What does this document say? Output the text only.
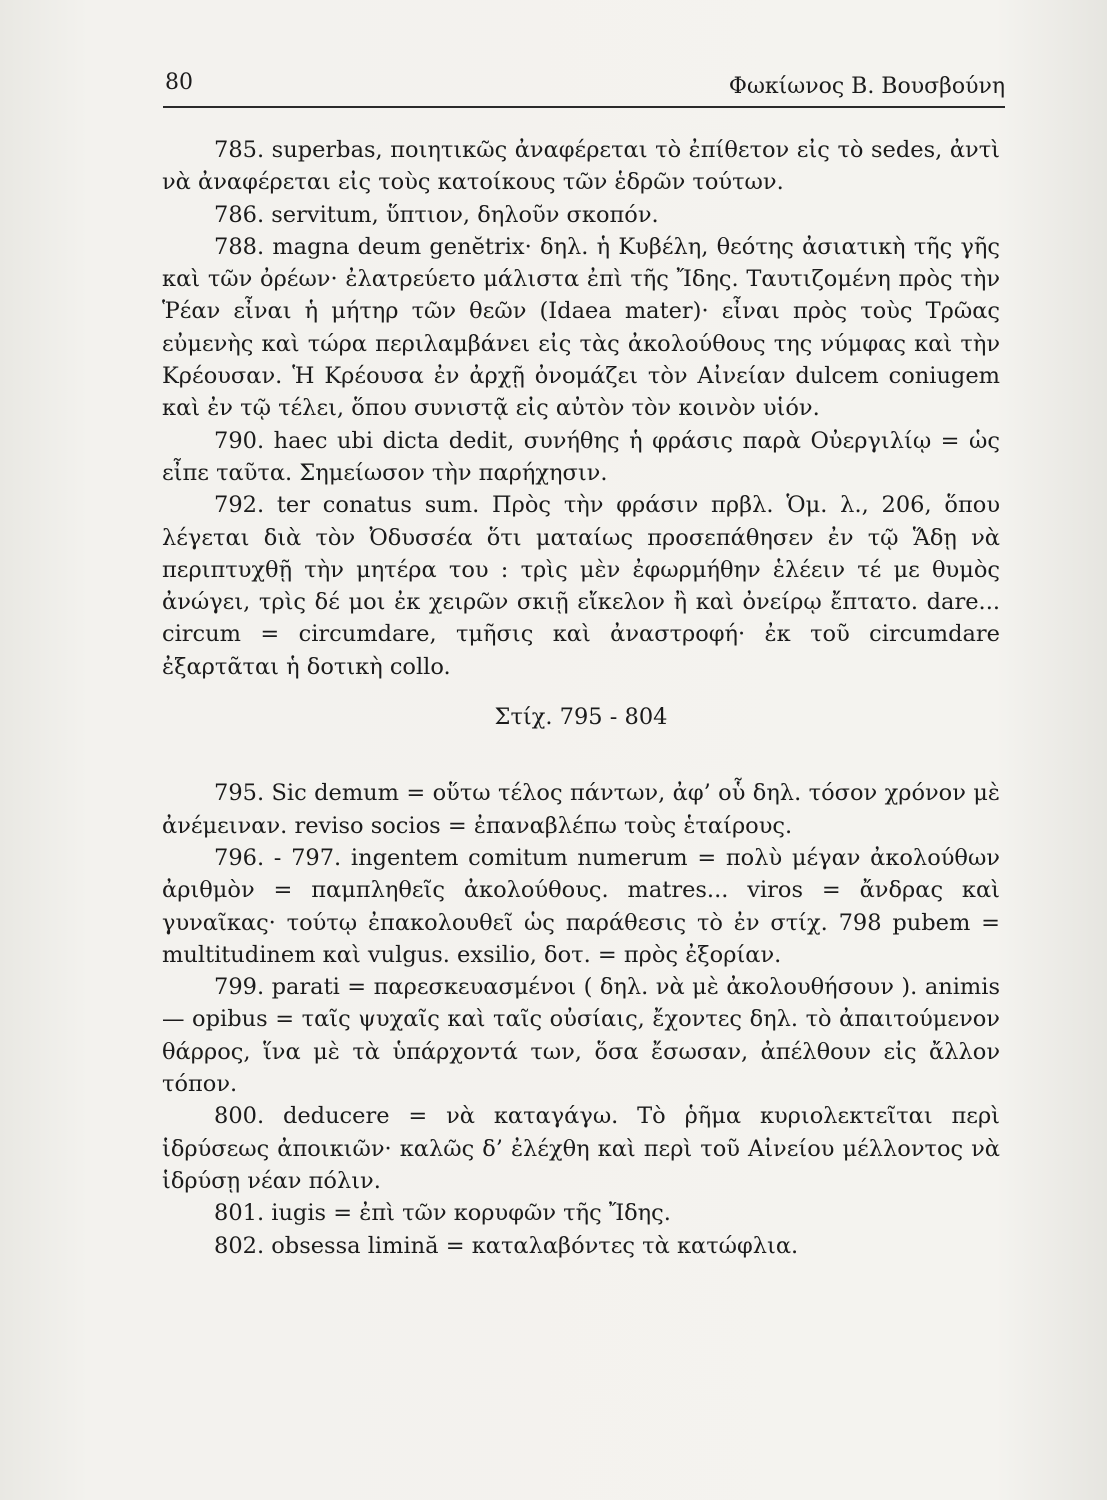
80	Φωκίωνος Β. Βουσβούνη

785. superbas, ποιητικῶς ἀναφέρεται τὸ ἐπίθετον εἰς τὸ sedes, ἀντὶ νὰ ἀναφέρεται εἰς τοὺς κατοίκους τῶν ἑδρῶν τούτων.

786. servitum, ὕπτιον, δηλοῦν σκοπόν.

788. magna deum genĕtrix· δηλ. ἡ Κυβέλη, θεότης ἀσιατικὴ τῆς γῆς καὶ τῶν ὀρέων· ἐλατρεύετο μάλιστα ἐπὶ τῆς Ἴδης. Ταυτιζομένη πρὸς τὴν Ῥέαν εἶναι ἡ μήτηρ τῶν θεῶν (Idaea mater)· εἶναι πρὸς τοὺς Τρῶας εὐμενὴς καὶ τώρα περιλαμβάνει εἰς τὰς ἀκολούθους της νύμφας καὶ τὴν Κρέουσαν. Ἡ Κρέουσα ἐν ἀρχῇ ὀνομάζει τὸν Αἰνείαν dulcem coniugem καὶ ἐν τῷ τέλει, ὅπου συνιστᾷ εἰς αὐτὸν τὸν κοινὸν υἱόν.

790. haec ubi dicta dedit, συνήθης ἡ φράσις παρὰ Οὐεργιλίῳ = ὡς εἶπε ταῦτα. Σημείωσον τὴν παρήχησιν.

792. ter conatus sum. Πρὸς τὴν φράσιν πρβλ. Ὁμ. λ., 206, ὅπου λέγεται διὰ τὸν Ὀδυσσέα ὅτι ματαίως προσεπάθησεν ἐν τῷ Ἅδῃ νὰ περιπτυχθῇ τὴν μητέρα του : τρὶς μὲν ἐφωρμήθην ἑλέειν τέ με θυμὸς ἀνώγει, τρὶς δέ μοι ἐκ χειρῶν σκιῇ εἴκελον ἢ καὶ ὀνείρῳ ἔπτατο. dare... circum = circumdare, τμῆσις καὶ ἀναστροφή· ἐκ τοῦ circumdare ἐξαρτᾶται ἡ δοτικὴ collo.

Στίχ. 795 - 804

795. Sic demum = οὕτω τέλος πάντων, ἀφ’ οὗ δηλ. τόσον χρόνον μὲ ἀνέμειναν. reviso socios = ἐπαναβλέπω τοὺς ἑταίρους.

796. - 797. ingentem comitum numerum = πολὺ μέγαν ἀκολούθων ἀριθμὸν = παμπληθεῖς ἀκολούθους. matres... viros = ἄνδρας καὶ γυναῖκας· τούτῳ ἐπακολουθεῖ ὡς παράθεσις τὸ ἐν στίχ. 798 pubem = multitudinem καὶ vulgus. exsilio, δοτ. = πρὸς ἐξορίαν.

799. parati = παρεσκευασμένοι ( δηλ. νὰ μὲ ἀκολουθήσουν ). animis — opibus = ταῖς ψυχαῖς καὶ ταῖς οὐσίαις, ἔχοντες δηλ. τὸ ἀπαιτούμενον θάρρος, ἵνα μὲ τὰ ὑπάρχοντά των, ὅσα ἔσωσαν, ἀπέλθουν εἰς ἄλλον τόπον.

800. deducere = νὰ καταγάγω. Τὸ ῥῆμα κυριολεκτεῖται περὶ ἱδρύσεως ἀποικιῶν· καλῶς δ’ ἐλέχθη καὶ περὶ τοῦ Αἰνείου μέλλοντος νὰ ἱδρύσῃ νέαν πόλιν.

801. iugis = ἐπὶ τῶν κορυφῶν τῆς Ἴδης.

802. obsessa limină = καταλαβόντες τὰ κατώφλια.
